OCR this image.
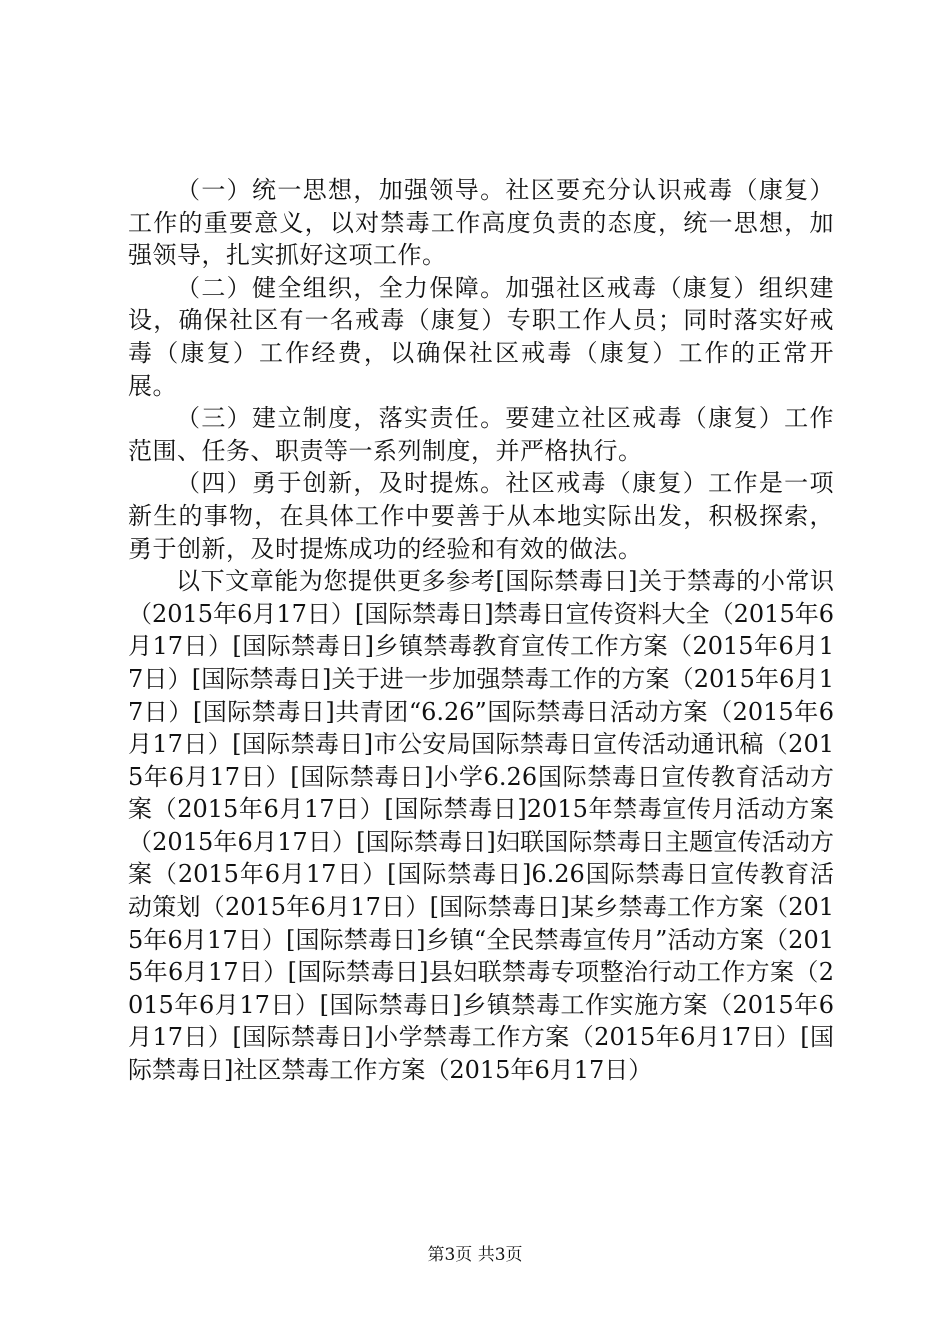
（一）统一思想，加强领导。社区要充分认识戒毒（康复）工作的重要意义，以对禁毒工作高度负责的态度，统一思想，加强领导，扎实抓好这项工作。

（二）健全组织，全力保障。加强社区戒毒（康复）组织建设，确保社区有一名戒毒（康复）专职工作人员；同时落实好戒毒（康复）工作经费，以确保社区戒毒（康复）工作的正常开展。

（三）建立制度，落实责任。要建立社区戒毒（康复）工作范围、任务、职责等一系列制度，并严格执行。

（四）勇于创新，及时提炼。社区戒毒（康复）工作是一项新生的事物，在具体工作中要善于从本地实际出发，积极探索，勇于创新，及时提炼成功的经验和有效的做法。

以下文章能为您提供更多参考[国际禁毒日]关于禁毒的小常识（2015年6月17日）[国际禁毒日]禁毒日宣传资料大全（2015年6月17日）[国际禁毒日]乡镇禁毒教育宣传工作方案（2015年6月17日）[国际禁毒日]关于进一步加强禁毒工作的方案（2015年6月17日）[国际禁毒日]共青团“6.26”国际禁毒日活动方案（2015年6月17日）[国际禁毒日]市公安局国际禁毒日宣传活动通讯稿（2015年6月17日）[国际禁毒日]小学6.26国际禁毒日宣传教育活动方案（2015年6月17日）[国际禁毒日]2015年禁毒宣传月活动方案（2015年6月17日）[国际禁毒日]妇联国际禁毒日主题宣传活动方案（2015年6月17日）[国际禁毒日]6.26国际禁毒日宣传教育活动策划（2015年6月17日）[国际禁毒日]某乡禁毒工作方案（2015年6月17日）[国际禁毒日]乡镇“全民禁毒宣传月”活动方案（2015年6月17日）[国际禁毒日]县妇联禁毒专项整治行动工作方案（2015年6月17日）[国际禁毒日]乡镇禁毒工作实施方案（2015年6月17日）[国际禁毒日]小学禁毒工作方案（2015年6月17日）[国际禁毒日]社区禁毒工作方案（2015年6月17日）

第3页 共3页
